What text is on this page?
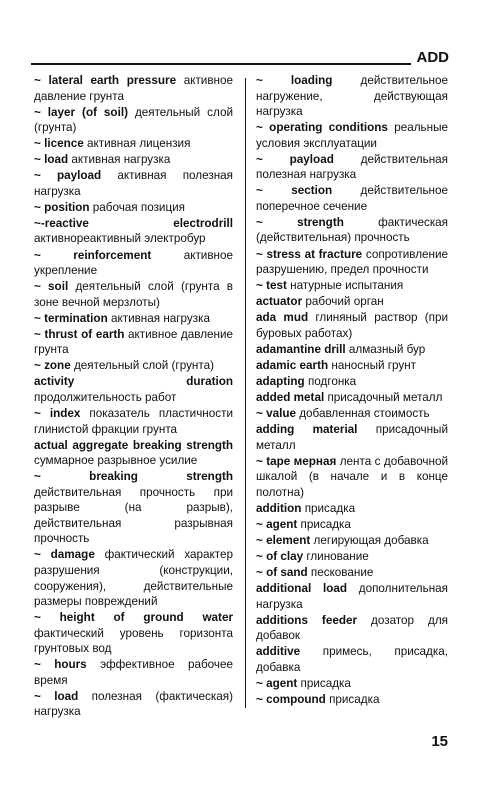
ADD
~ lateral earth pressure активное давление грунта
~ layer (of soil) деятельный слой (грунта)
~ licence активная лицензия
~ load активная нагрузка
~ payload активная полезная нагрузка
~ position рабочая позиция
~-reactive electrodrill активнореактивный электробур
~ reinforcement	активное укрепление
~ soil деятельный слой (грунта в зоне вечной мерзлоты)
~ termination активная нагрузка
~ thrust of earth активное давление грунта
~ zone деятельный слой (грунта)
activity duration продолжительность работ
~ index показатель пластичности глинистой фракции грунта
actual aggregate breaking strength суммарное разрывное усилие
~ breaking strength действительная прочность при разрыве (на разрыв), действительная разрывная прочность
~ damage фактический характер разрушения (конструкции, сооружения), действительные размеры повреждений
~ height of ground water фактический уровень горизонта грунтовых вод
~ hours эффективное рабочее время
~ load полезная (фактическая) нагрузка
~ loading действительное нагружение, действующая нагрузка
~ operating conditions реальные условия эксплуатации
~ payload действительная полезная нагрузка
~ section действительное поперечное сечение
~ strength	фактическая (действительная) прочность
~ stress at fracture сопротивление разрушению, предел прочности
~ test натурные испытания
actuator рабочий орган
ada mud глиняный раствор (при буровых работах)
adamantine drill алмазный бур
adamic earth наносный грунт
adapting подгонка
added metal присадочный металл
~ value добавленная стоимость
adding material присадочный металл
~ tape мерная лента с добавочной шкалой (в начале и в конце полотна)
addition присадка
~ agent присадка
~ element легирующая добавка
~ of clay глинование
~ of sand пескование
additional load дополнительная нагрузка
additions feeder дозатор для добавок
additive примесь, присадка, добавка
~ agent присадка
~ compound присадка
15
